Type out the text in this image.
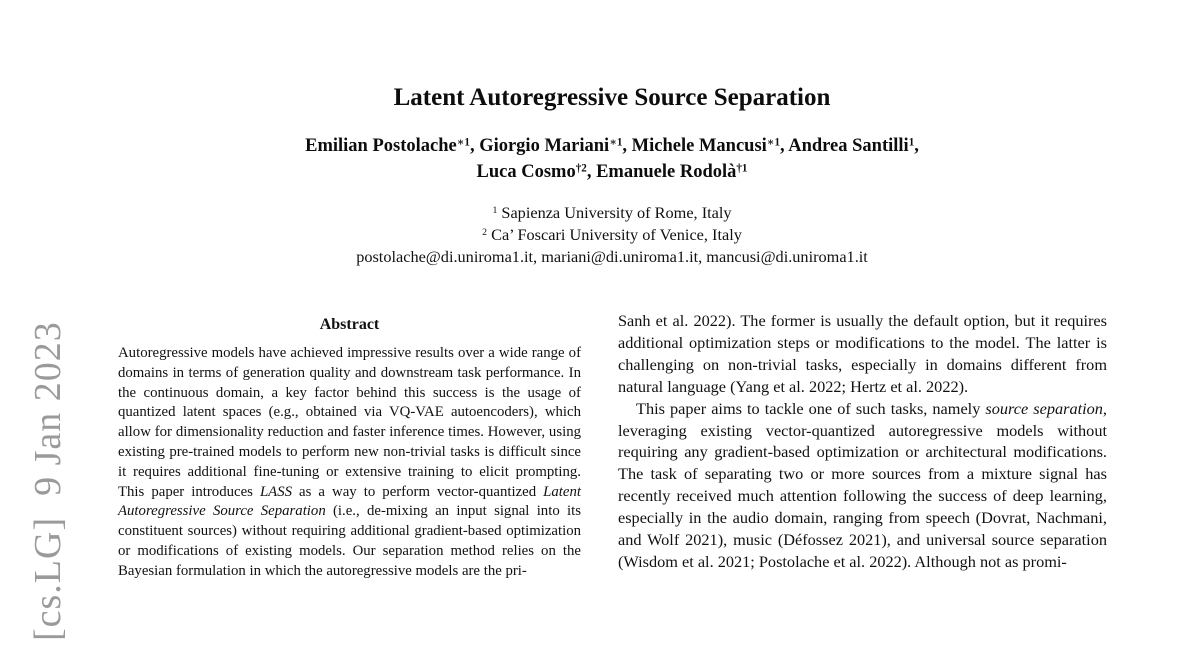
[cs.LG]  9 Jan 2023
Latent Autoregressive Source Separation
Emilian Postolache$^{∗1}$, Giorgio Mariani$^{∗1}$, Michele Mancusi$^{∗1}$, Andrea Santilli$^1$,
Luca Cosmo$^{\dagger 2}$, Emanuele Rodolà$^{\dagger 1}$
$^1$ Sapienza University of Rome, Italy
$^2$ Ca’ Foscari University of Venice, Italy
postolache@di.uniroma1.it, mariani@di.uniroma1.it, mancusi@di.uniroma1.it
Abstract
Autoregressive models have achieved impressive results over a wide range of domains in terms of generation quality and downstream task performance. In the continuous domain, a key factor behind this success is the usage of quantized latent spaces (e.g., obtained via VQ-VAE autoencoders), which allow for dimensionality reduction and faster inference times. However, using existing pre-trained models to perform new non-trivial tasks is difficult since it requires additional fine-tuning or extensive training to elicit prompting. This paper introduces LASS as a way to perform vector-quantized Latent Autoregressive Source Separation (i.e., de-mixing an input signal into its constituent sources) without requiring additional gradient-based optimization or modifications of existing models. Our separation method relies on the Bayesian formulation in which the autoregressive models are the pri-

Sanh et al. 2022). The former is usually the default option, but it requires additional optimization steps or modifications to the model. The latter is challenging on non-trivial tasks, especially in domains different from natural language (Yang et al. 2022; Hertz et al. 2022).

This paper aims to tackle one of such tasks, namely source separation, leveraging existing vector-quantized autoregressive models without requiring any gradient-based optimization or architectural modifications. The task of separating two or more sources from a mixture signal has recently received much attention following the success of deep learning, especially in the audio domain, ranging from speech (Dovrat, Nachmani, and Wolf 2021), music (Défossez 2021), and universal source separation (Wisdom et al. 2021; Postolache et al. 2022). Although not as promi-
